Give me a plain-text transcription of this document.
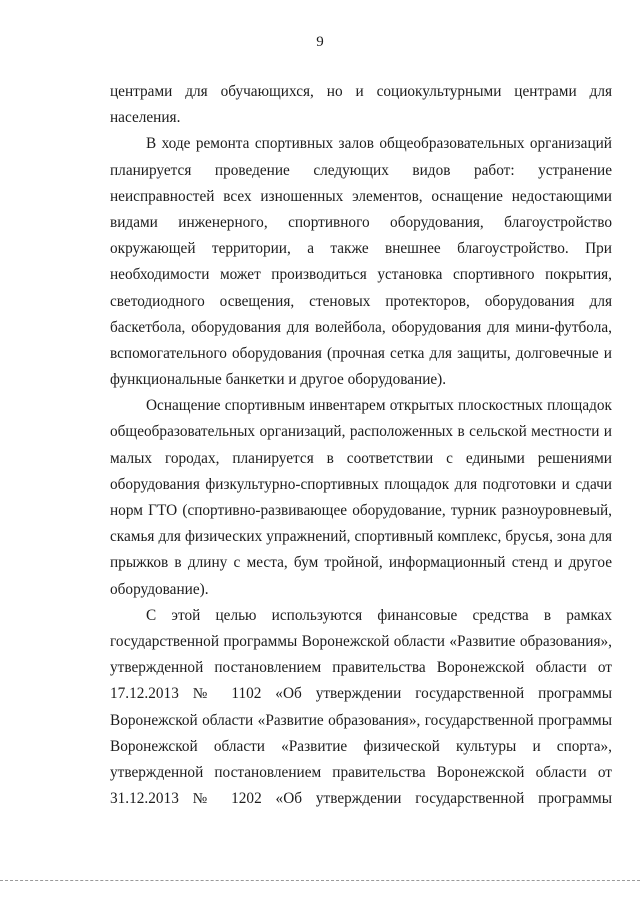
9
центрами для обучающихся, но и социокультурными центрами для
населения.
В ходе ремонта спортивных залов общеобразовательных организаций
планируется проведение следующих видов работ: устранение
неисправностей всех изношенных элементов, оснащение недостающими
видами инженерного, спортивного оборудования, благоустройство
окружающей территории, а также внешнее благоустройство. При
необходимости может производиться установка спортивного покрытия,
светодиодного освещения, стеновых протекторов, оборудования для
баскетбола, оборудования для волейбола, оборудования для мини-футбола,
вспомогательного оборудования (прочная сетка для защиты, долговечные и
функциональные банкетки и другое оборудование).
Оснащение спортивным инвентарем открытых плоскостных площадок
общеобразовательных организаций, расположенных в сельской местности и
малых городах, планируется в соответствии с едиными решениями
оборудования физкультурно-спортивных площадок для подготовки и сдачи
норм ГТО (спортивно-развивающее оборудование, турник разноуровневый,
скамья для физических упражнений, спортивный комплекс, брусья, зона для
прыжков в длину с места, бум тройной, информационный стенд и другое
оборудование).
С этой целью используются финансовые средства в рамках
государственной программы Воронежской области «Развитие образования»,
утвержденной постановлением правительства Воронежской области от
17.12.2013 № 1102 «Об утверждении государственной программы
Воронежской области «Развитие образования», государственной программы
Воронежской области «Развитие физической культуры и спорта»,
утвержденной постановлением правительства Воронежской области от
31.12.2013 № 1202 «Об утверждении государственной программы
